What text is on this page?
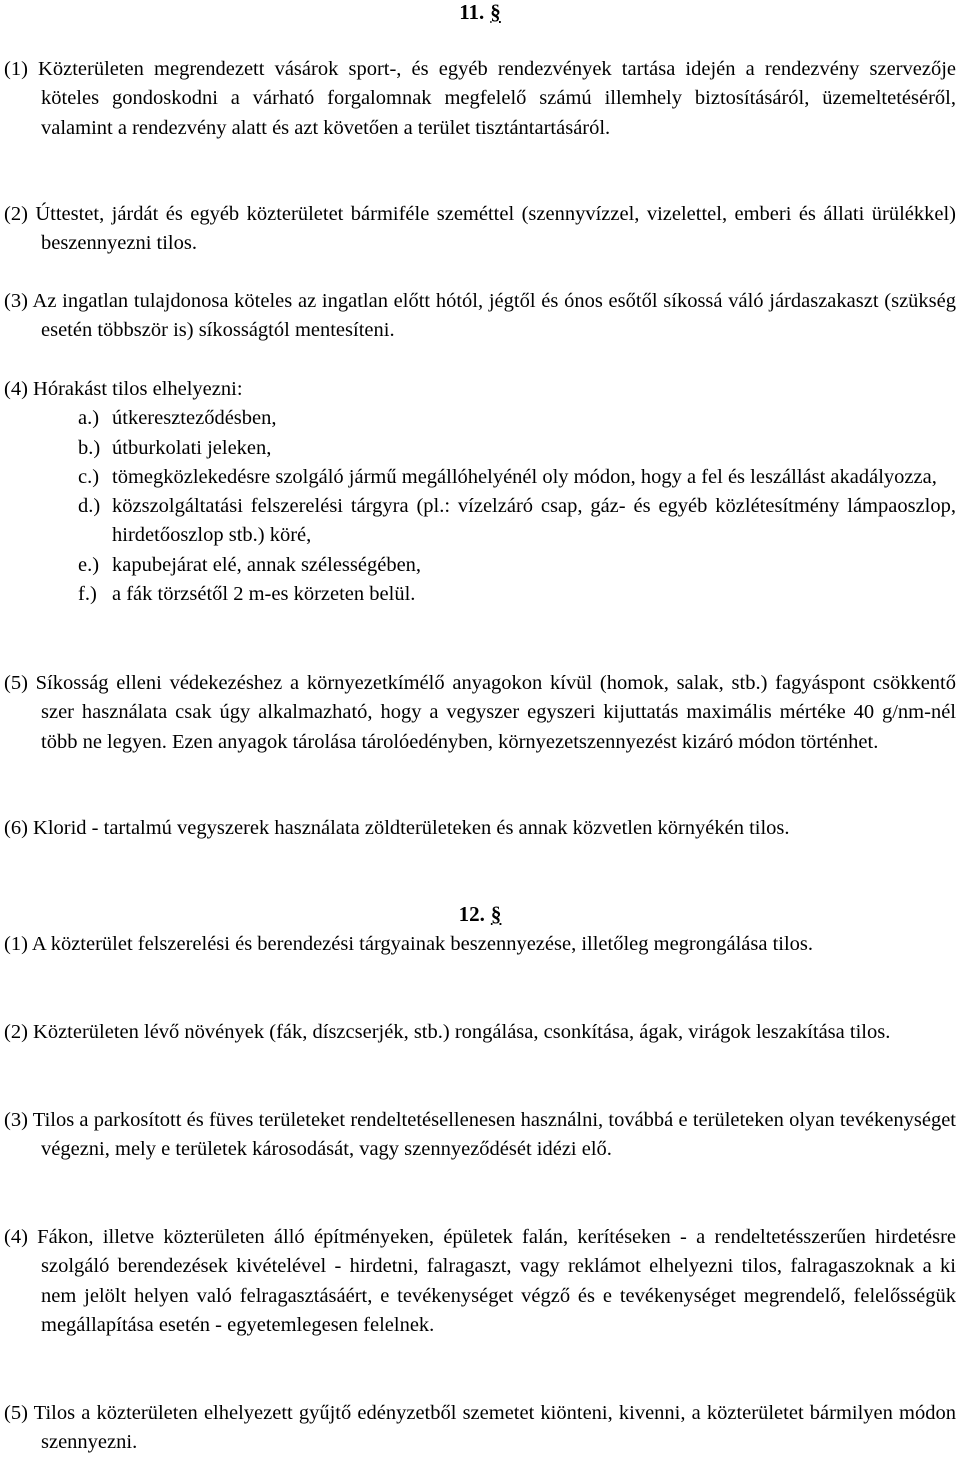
11. §
(1) Közterületen megrendezett vásárok sport-, és egyéb rendezvények tartása idején a rendezvény szervezője köteles gondoskodni a várható forgalomnak megfelelő számú illemhely biztosításáról, üzemeltetéséről, valamint a rendezvény alatt és azt követően a terület tisztántartásáról.
(2) Úttestet, járdát és egyéb közterületet bármiféle szeméttel (szennyvízzel, vizelettel, emberi és állati ürülékkel) beszennyezni tilos.
(3) Az ingatlan tulajdonosa köteles az ingatlan előtt hótól, jégtől és ónos esőtől síkossá váló járdaszakaszt (szükség esetén többször is) síkosságtól mentesíteni.
(4) Hórakást tilos elhelyezni:
a.) útkereszteződésben,
b.) útburkolati jeleken,
c.) tömegközlekedésre szolgáló jármű megállóhelyénél oly módon, hogy a fel és leszállást akadályozza,
d.) közszolgáltatási felszerelési tárgyra (pl.: vízelzáró csap, gáz- és egyéb közlétesítmény lámpaoszlop, hirdetőoszlop stb.) köré,
e.) kapubejárat elé, annak szélességében,
f.) a fák törzsétől 2 m-es körzeten belül.
(5) Síkosság elleni védekezéshez a környezetkímélő anyagokon kívül (homok, salak, stb.) fagyáspont csökkentő szer használata csak úgy alkalmazható, hogy a vegyszer egyszeri kijuttatás maximális mértéke 40 g/nm-nél több ne legyen. Ezen anyagok tárolása tárolóedényben, környezetszennyezést kizáró módon történhet.
(6) Klorid - tartalmú vegyszerek használata zöldterületeken és annak közvetlen környékén tilos.
12. §
(1) A közterület felszerelési és berendezési tárgyainak beszennyezése, illetőleg megrongálása tilos.
(2) Közterületen lévő növények (fák, díszcserjék, stb.) rongálása, csonkítása, ágak, virágok leszakítása tilos.
(3) Tilos a parkosított és füves területeket rendeltetésellenesen használni, továbbá e területeken olyan tevékenységet végezni, mely e területek károsodását, vagy szennyeződését idézi elő.
(4) Fákon, illetve közterületen álló építményeken, épületek falán, kerítéseken - a rendeltetésszerűen hirdetésre szolgáló berendezések kivételével - hirdetni, falragaszt, vagy reklámot elhelyezni tilos, falragaszoknak a ki nem jelölt helyen való felragasztásáért, e tevékenységet végző és e tevékenységet megrendelő, felelősségük megállapítása esetén - egyetemlegesen felelnek.
(5) Tilos a közterületen elhelyezett gyűjtő edényzetből szemetet kiönteni, kivenni, a közterületet bármilyen módon szennyezni.
